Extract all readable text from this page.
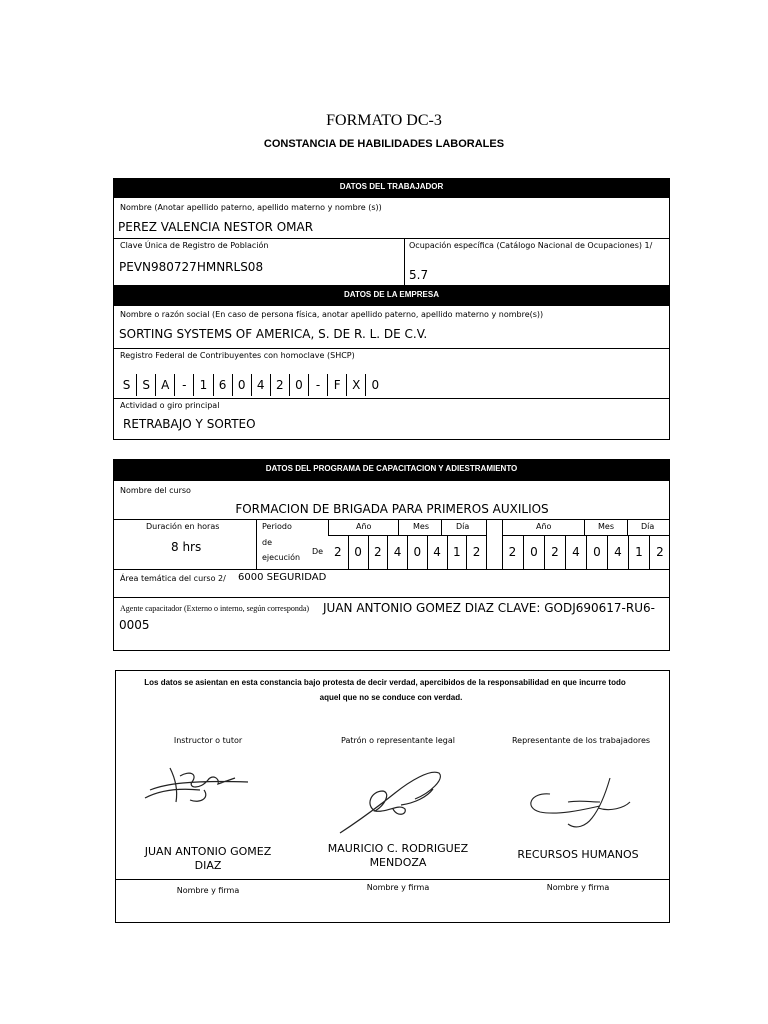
FORMATO DC-3
CONSTANCIA DE HABILIDADES LABORALES
DATOS DEL TRABAJADOR
Nombre (Anotar apellido paterno, apellido materno y nombre (s))
PEREZ VALENCIA NESTOR OMAR
Clave Única de Registro de Población
PEVN980727HMNRLS08
Ocupación específica (Catálogo Nacional de Ocupaciones) 1/
5.7
DATOS DE LA EMPRESA
Nombre o razón social (En caso de persona física, anotar apellido paterno, apellido materno y nombre(s))
SORTING SYSTEMS OF AMERICA, S. DE R. L. DE C.V.
Registro Federal de Contribuyentes con homoclave (SHCP)
S S A	-	1 6 0 4 2 0	-	F X 0
Actividad o giro principal
RETRABAJO Y SORTEO
DATOS DEL PROGRAMA DE CAPACITACION Y ADIESTRAMIENTO
Nombre del curso
FORMACION DE BRIGADA PARA PRIMEROS AUXILIOS
Duración en horas
8 hrs
Periodo
de
ejecución
De
Año	Mes	Día	Año	Mes	Día
2	0	2	4	0	4	1	2	2	0	2	4	0	4	1	2
Área temática del curso 2/ 6000 SEGURIDAD
Agente capacitador (Externo o interno, según corresponda) JUAN ANTONIO GOMEZ DIAZ CLAVE: GODJ690617-RU6-
0005
Los datos se asientan en esta constancia bajo protesta de decir verdad, apercibidos de la responsabilidad en que incurre todo
aquel que no se conduce con verdad.
Instructor o tutor	Patrón o representante legal	Representante de los trabajadores
JUAN ANTONIO GOMEZ
DIAZ
MAURICIO C. RODRIGUEZ
MENDOZA
RECURSOS HUMANOS
Nombre y firma	Nombre y firma	Nombre y firma
